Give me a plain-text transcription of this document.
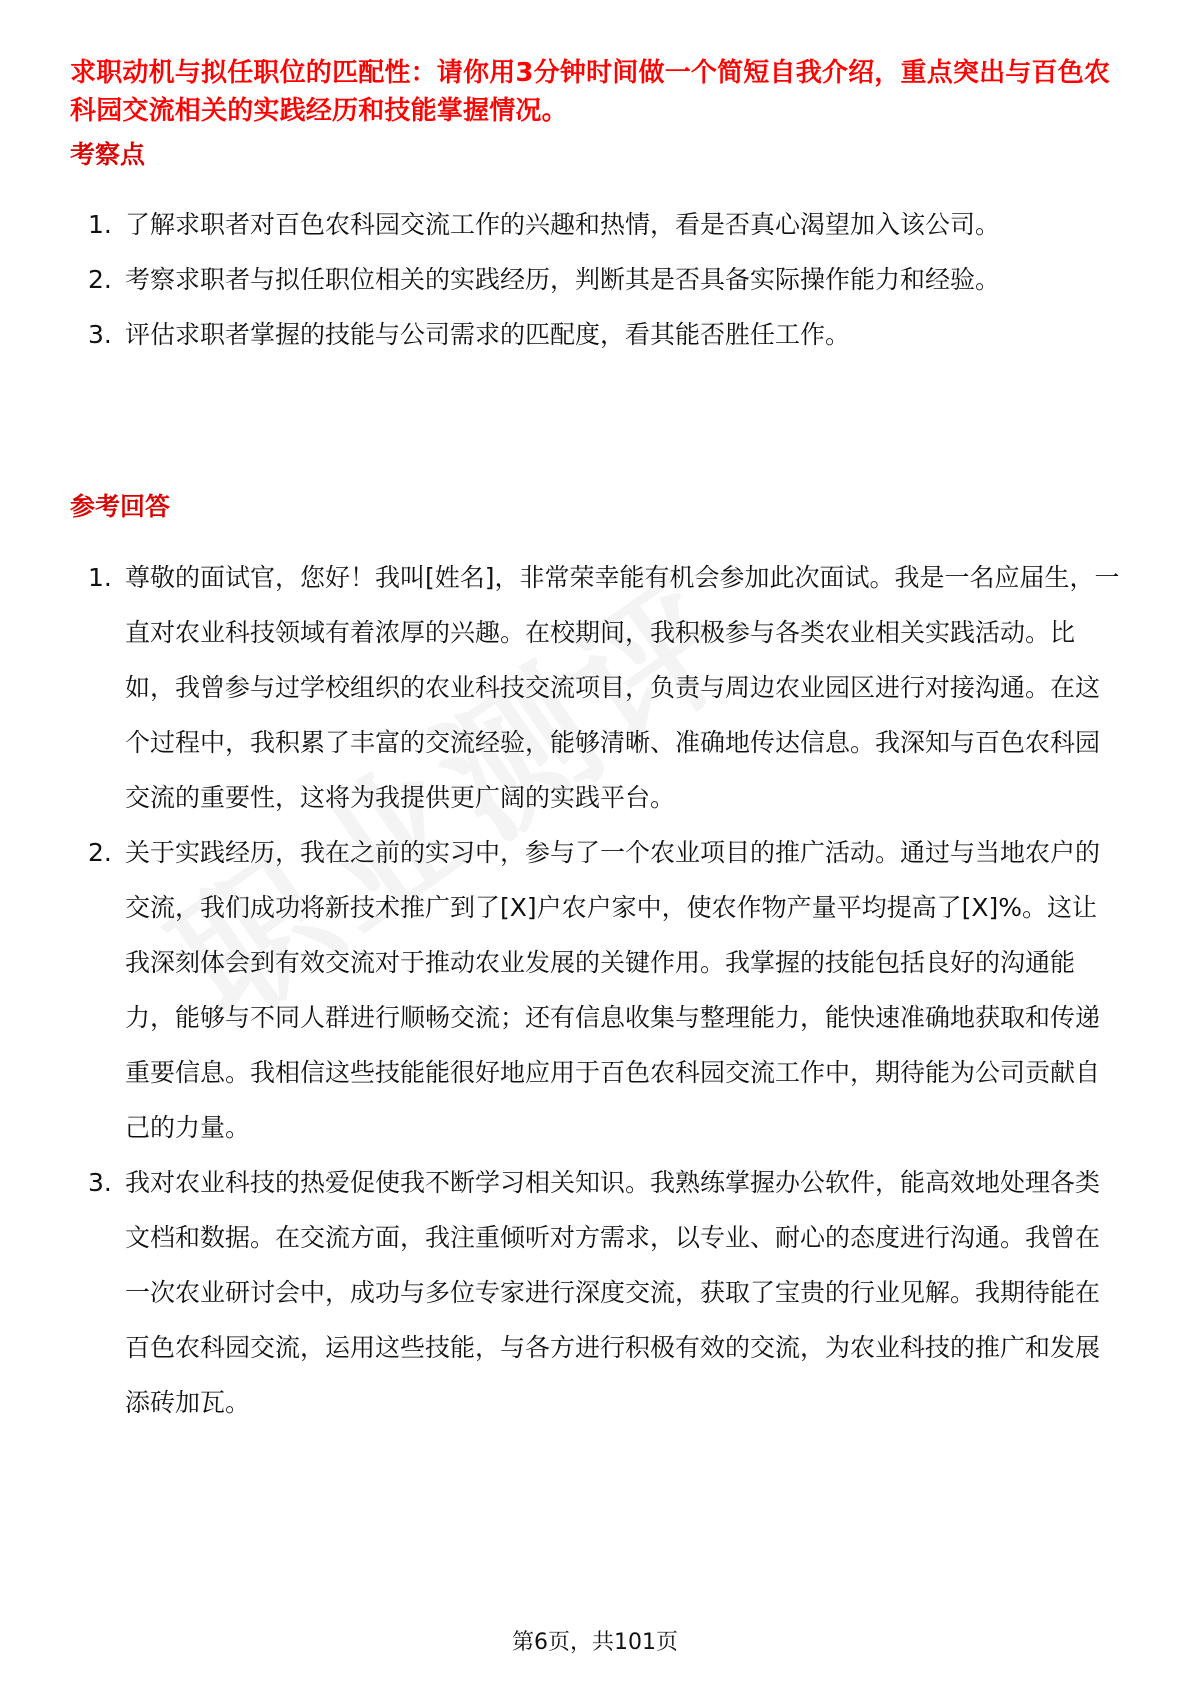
求职动机与拟任职位的匹配性：请你用3分钟时间做一个简短自我介绍，重点突出与百色农科园交流相关的实践经历和技能掌握情况。
考察点
1. 了解求职者对百色农科园交流工作的兴趣和热情，看是否真心渴望加入该公司。
2. 考察求职者与拟任职位相关的实践经历，判断其是否具备实际操作能力和经验。
3. 评估求职者掌握的技能与公司需求的匹配度，看其能否胜任工作。
参考回答
1. 尊敬的面试官，您好！我叫[姓名]，非常荣幸能有机会参加此次面试。我是一名应届生，一直对农业科技领域有着浓厚的兴趣。在校期间，我积极参与各类农业相关实践活动。比如，我曾参与过学校组织的农业科技交流项目，负责与周边农业园区进行对接沟通。在这个过程中，我积累了丰富的交流经验，能够清晰、准确地传达信息。我深知与百色农科园交流的重要性，这将为我提供更广阔的实践平台。
2. 关于实践经历，我在之前的实习中，参与了一个农业项目的推广活动。通过与当地农户的交流，我们成功将新技术推广到了[X]户农户家中，使农作物产量平均提高了[X]%。这让我深刻体会到有效交流对于推动农业发展的关键作用。我掌握的技能包括良好的沟通能力，能够与不同人群进行顺畅交流；还有信息收集与整理能力，能快速准确地获取和传递重要信息。我相信这些技能能很好地应用于百色农科园交流工作中，期待能为公司贡献自己的力量。
3. 我对农业科技的热爱促使我不断学习相关知识。我熟练掌握办公软件，能高效地处理各类文档和数据。在交流方面，我注重倾听对方需求，以专业、耐心的态度进行沟通。我曾在一次农业研讨会中，成功与多位专家进行深度交流，获取了宝贵的行业见解。我期待能在百色农科园交流，运用这些技能，与各方进行积极有效的交流，为农业科技的推广和发展添砖加瓦。
第6页，共101页
